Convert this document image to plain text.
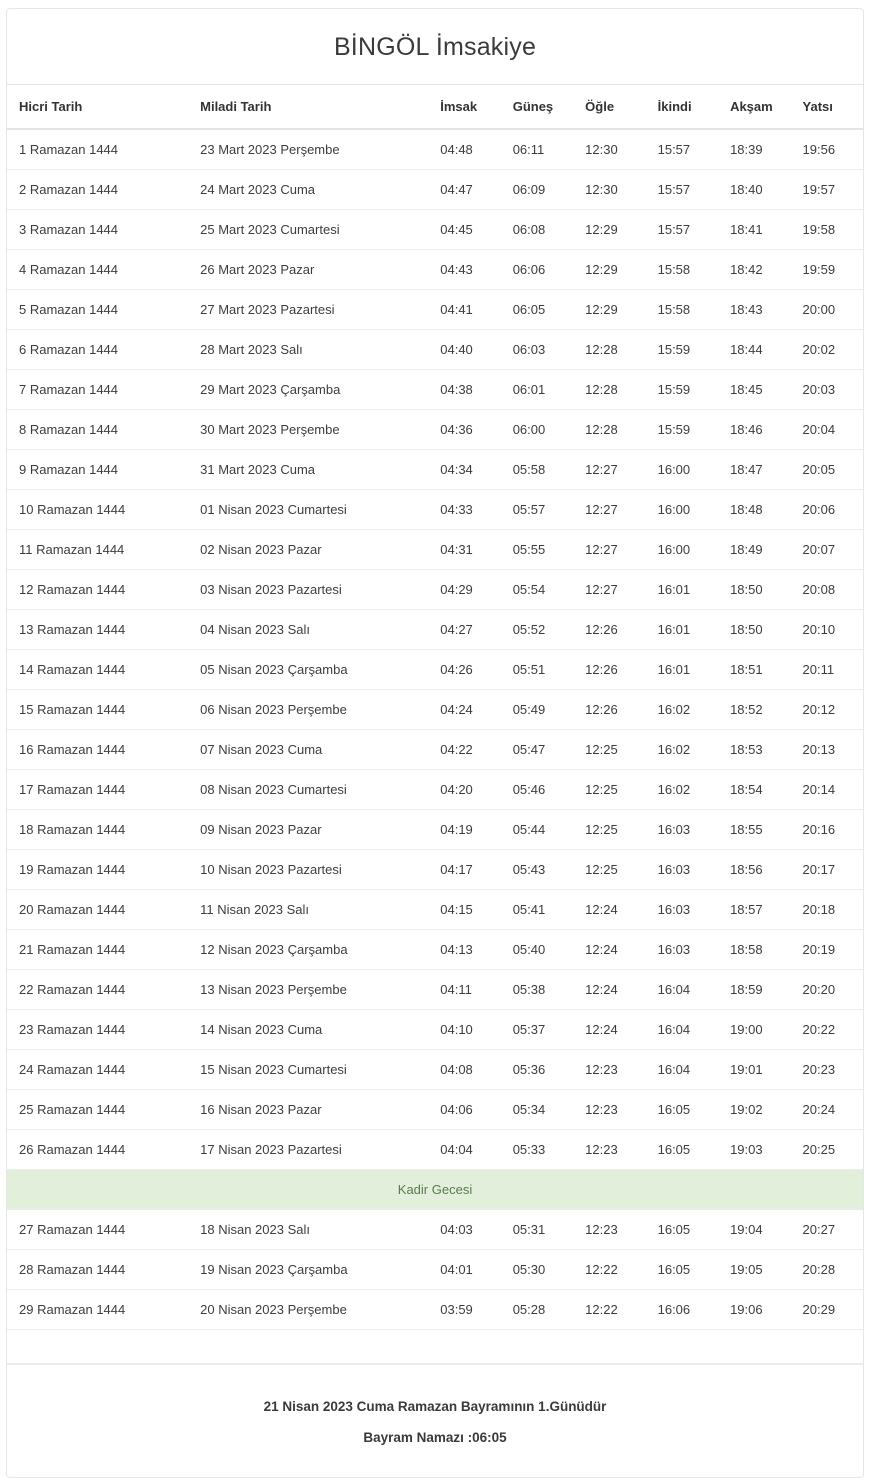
BİNGÖL İmsakiye
Hicri Tarih	Miladi Tarih	İmsak	Güneş	Öğle	İkindi	Akşam	Yatsı
1 Ramazan 1444	23 Mart 2023 Perşembe	04:48	06:11	12:30	15:57	18:39	19:56
2 Ramazan 1444	24 Mart 2023 Cuma	04:47	06:09	12:30	15:57	18:40	19:57
3 Ramazan 1444	25 Mart 2023 Cumartesi	04:45	06:08	12:29	15:57	18:41	19:58
4 Ramazan 1444	26 Mart 2023 Pazar	04:43	06:06	12:29	15:58	18:42	19:59
5 Ramazan 1444	27 Mart 2023 Pazartesi	04:41	06:05	12:29	15:58	18:43	20:00
6 Ramazan 1444	28 Mart 2023 Salı	04:40	06:03	12:28	15:59	18:44	20:02
7 Ramazan 1444	29 Mart 2023 Çarşamba	04:38	06:01	12:28	15:59	18:45	20:03
8 Ramazan 1444	30 Mart 2023 Perşembe	04:36	06:00	12:28	15:59	18:46	20:04
9 Ramazan 1444	31 Mart 2023 Cuma	04:34	05:58	12:27	16:00	18:47	20:05
10 Ramazan 1444	01 Nisan 2023 Cumartesi	04:33	05:57	12:27	16:00	18:48	20:06
11 Ramazan 1444	02 Nisan 2023 Pazar	04:31	05:55	12:27	16:00	18:49	20:07
12 Ramazan 1444	03 Nisan 2023 Pazartesi	04:29	05:54	12:27	16:01	18:50	20:08
13 Ramazan 1444	04 Nisan 2023 Salı	04:27	05:52	12:26	16:01	18:50	20:10
14 Ramazan 1444	05 Nisan 2023 Çarşamba	04:26	05:51	12:26	16:01	18:51	20:11
15 Ramazan 1444	06 Nisan 2023 Perşembe	04:24	05:49	12:26	16:02	18:52	20:12
16 Ramazan 1444	07 Nisan 2023 Cuma	04:22	05:47	12:25	16:02	18:53	20:13
17 Ramazan 1444	08 Nisan 2023 Cumartesi	04:20	05:46	12:25	16:02	18:54	20:14
18 Ramazan 1444	09 Nisan 2023 Pazar	04:19	05:44	12:25	16:03	18:55	20:16
19 Ramazan 1444	10 Nisan 2023 Pazartesi	04:17	05:43	12:25	16:03	18:56	20:17
20 Ramazan 1444	11 Nisan 2023 Salı	04:15	05:41	12:24	16:03	18:57	20:18
21 Ramazan 1444	12 Nisan 2023 Çarşamba	04:13	05:40	12:24	16:03	18:58	20:19
22 Ramazan 1444	13 Nisan 2023 Perşembe	04:11	05:38	12:24	16:04	18:59	20:20
23 Ramazan 1444	14 Nisan 2023 Cuma	04:10	05:37	12:24	16:04	19:00	20:22
24 Ramazan 1444	15 Nisan 2023 Cumartesi	04:08	05:36	12:23	16:04	19:01	20:23
25 Ramazan 1444	16 Nisan 2023 Pazar	04:06	05:34	12:23	16:05	19:02	20:24
26 Ramazan 1444	17 Nisan 2023 Pazartesi	04:04	05:33	12:23	16:05	19:03	20:25
Kadir Gecesi							
27 Ramazan 1444	18 Nisan 2023 Salı	04:03	05:31	12:23	16:05	19:04	20:27
28 Ramazan 1444	19 Nisan 2023 Çarşamba	04:01	05:30	12:22	16:05	19:05	20:28
29 Ramazan 1444	20 Nisan 2023 Perşembe	03:59	05:28	12:22	16:06	19:06	20:29

21 Nisan 2023 Cuma Ramazan Bayramının 1.Günüdür
Bayram Namazı :06:05
